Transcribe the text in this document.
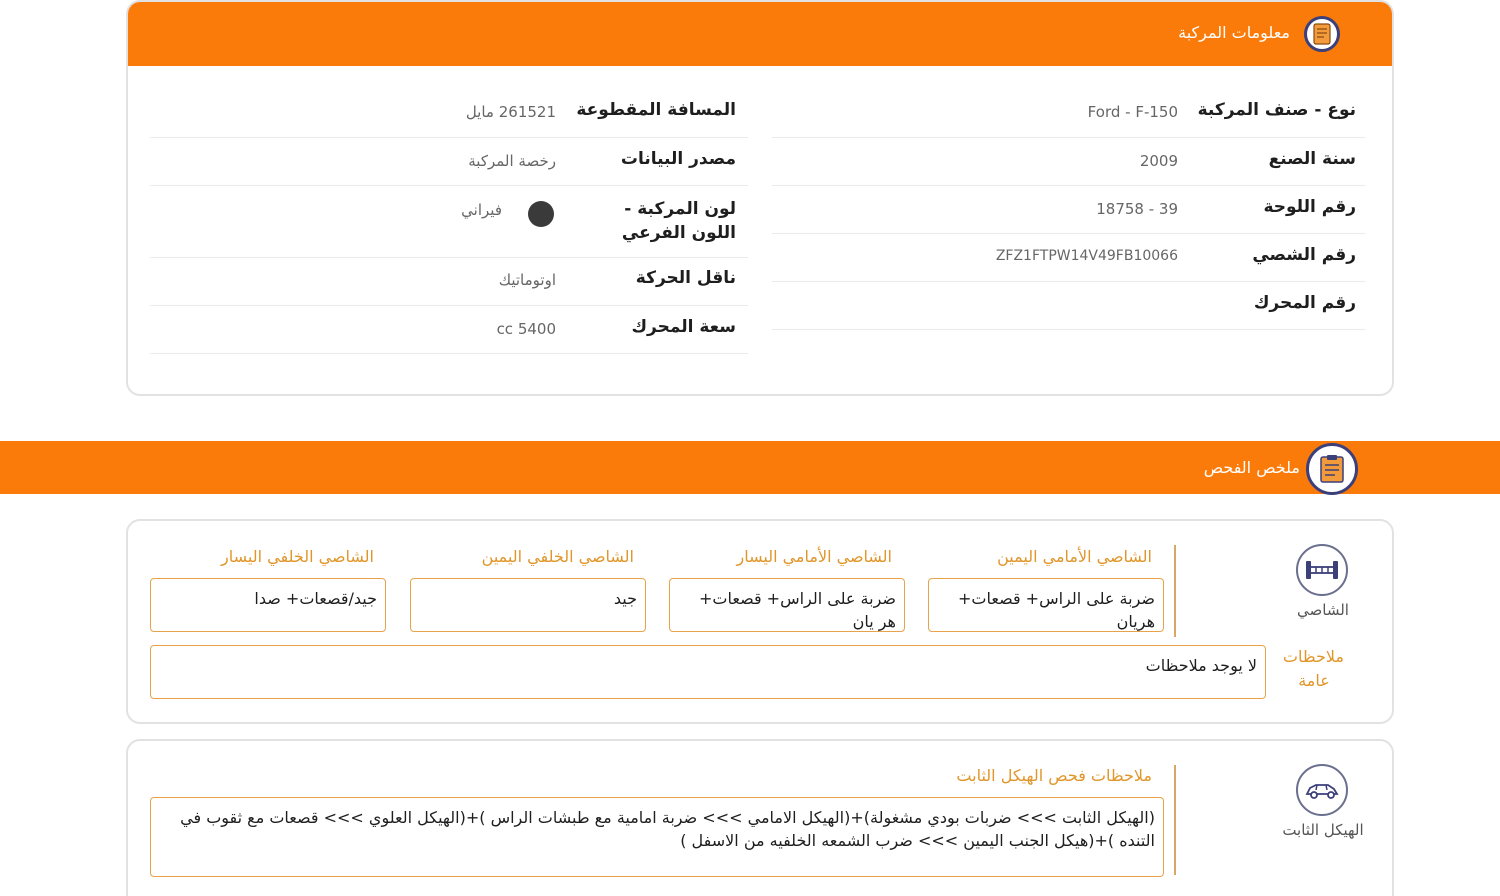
معلومات المركبة
نوع - صنف المركبة
Ford - F-150
سنة الصنع
2009
رقم اللوحة
18758 - 39
رقم الشصي
ZFZ1FTPW14V49FB10066
رقم المحرك
المسافة المقطوعة
261521 مايل
مصدر البيانات
رخصة المركبة
لون المركبة - اللون الفرعي
فيراني
ناقل الحركة
اوتوماتيك
سعة المحرك
cc 5400
ملخص الفحص
الشاصي
الشاصي الأمامي اليمين
ضربة على الراس+ قصعات+ هريان
الشاصي الأمامي اليسار
ضربة على الراس+ قصعات+ هر يان
الشاصي الخلفي اليمين
جيد
الشاصي الخلفي اليسار
جيد/قصعات+ صدا
ملاحظات عامة
لا يوجد ملاحظات
الهيكل الثابت
ملاحظات فحص الهيكل الثابت
(الهيكل الثابت >>> ضربات بودي مشغولة)+(الهيكل الامامي >>> ضربة امامية مع طبشات الراس )+(الهيكل العلوي >>> قصعات مع ثقوب في التنده )+(هيكل الجنب اليمين >>> ضرب الشمعه الخلفيه من الاسفل )
